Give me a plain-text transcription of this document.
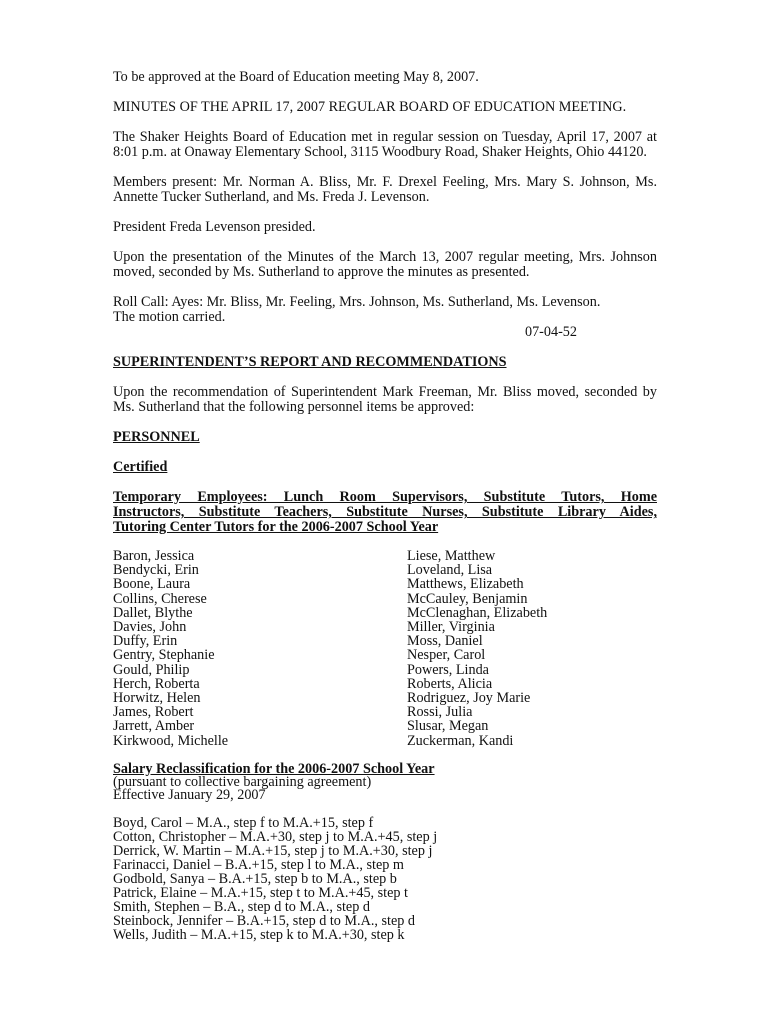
To be approved at the Board of Education meeting May 8, 2007.

MINUTES OF THE APRIL 17, 2007 REGULAR BOARD OF EDUCATION MEETING.

The Shaker Heights Board of Education met in regular session on Tuesday, April 17, 2007 at 8:01 p.m. at Onaway Elementary School, 3115 Woodbury Road, Shaker Heights, Ohio 44120.

Members present: Mr. Norman A. Bliss, Mr. F. Drexel Feeling, Mrs. Mary S. Johnson, Ms. Annette Tucker Sutherland, and Ms. Freda J. Levenson.

President Freda Levenson presided.

Upon the presentation of the Minutes of the March 13, 2007 regular meeting, Mrs. Johnson moved, seconded by Ms. Sutherland to approve the minutes as presented.

Roll Call: Ayes: Mr. Bliss, Mr. Feeling, Mrs. Johnson, Ms. Sutherland, Ms. Levenson.

The motion carried.

07-04-52

SUPERINTENDENT’S REPORT AND RECOMMENDATIONS

Upon the recommendation of Superintendent Mark Freeman, Mr. Bliss moved, seconded by Ms. Sutherland that the following personnel items be approved:

PERSONNEL

Certified

Temporary Employees: Lunch Room Supervisors, Substitute Tutors, Home

Instructors, Substitute Teachers, Substitute Nurses, Substitute Library Aides,

Tutoring Center Tutors for the 2006-2007 School Year

Baron, Jessica
Bendycki, Erin
Boone, Laura
Collins, Cherese
Dallet, Blythe
Davies, John
Duffy, Erin
Gentry, Stephanie
Gould, Philip
Herch, Roberta
Horwitz, Helen
James, Robert
Jarrett, Amber
Kirkwood, Michelle
Liese, Matthew
Loveland, Lisa
Matthews, Elizabeth
McCauley, Benjamin
McClenaghan, Elizabeth
Miller, Virginia
Moss, Daniel
Nesper, Carol
Powers, Linda
Roberts, Alicia
Rodriguez, Joy Marie
Rossi, Julia
Slusar, Megan
Zuckerman, Kandi

Salary Reclassification for the 2006-2007 School Year

(pursuant to collective bargaining agreement)

Effective January 29, 2007

Boyd, Carol – M.A., step f to M.A.+15, step f
Cotton, Christopher – M.A.+30, step j to M.A.+45, step j
Derrick, W. Martin – M.A.+15, step j to M.A.+30, step j
Farinacci, Daniel – B.A.+15, step l to M.A., step m
Godbold, Sanya – B.A.+15, step b to M.A., step b
Patrick, Elaine – M.A.+15, step t to M.A.+45, step t
Smith, Stephen – B.A., step d to M.A., step d
Steinbock, Jennifer – B.A.+15, step d to M.A., step d
Wells, Judith – M.A.+15, step k to M.A.+30, step k
